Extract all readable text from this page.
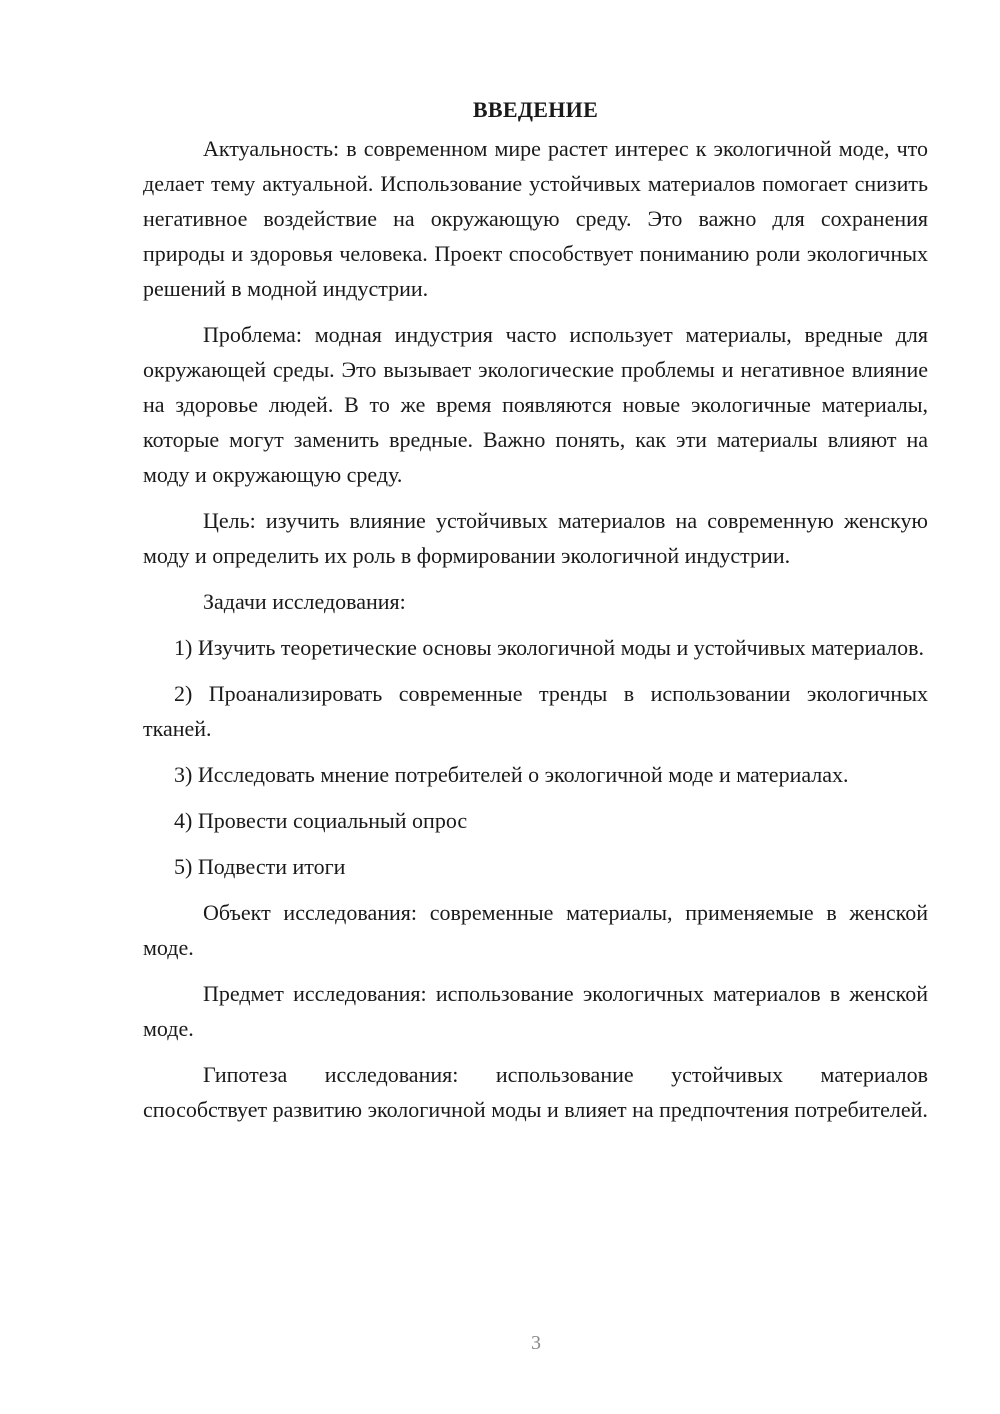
ВВЕДЕНИЕ

Актуальность: в современном мире растет интерес к экологичной моде, что делает тему актуальной. Использование устойчивых материалов помогает снизить негативное воздействие на окружающую среду. Это важно для сохранения природы и здоровья человека. Проект способствует пониманию роли экологичных решений в модной индустрии.

Проблема: модная индустрия часто использует материалы, вредные для окружающей среды. Это вызывает экологические проблемы и негативное влияние на здоровье людей. В то же время появляются новые экологичные материалы, которые могут заменить вредные. Важно понять, как эти материалы влияют на моду и окружающую среду.

Цель: изучить влияние устойчивых материалов на современную женскую моду и определить их роль в формировании экологичной индустрии.

Задачи исследования:

1) Изучить теоретические основы экологичной моды и устойчивых материалов.

2) Проанализировать современные тренды в использовании экологичных тканей.

3) Исследовать мнение потребителей о экологичной моде и материалах.

4) Провести социальный опрос

5) Подвести итоги

Объект исследования: современные материалы, применяемые в женской моде.

Предмет исследования: использование экологичных материалов в женской моде.

Гипотеза исследования: использование устойчивых материалов способствует развитию экологичной моды и влияет на предпочтения потребителей.

3
